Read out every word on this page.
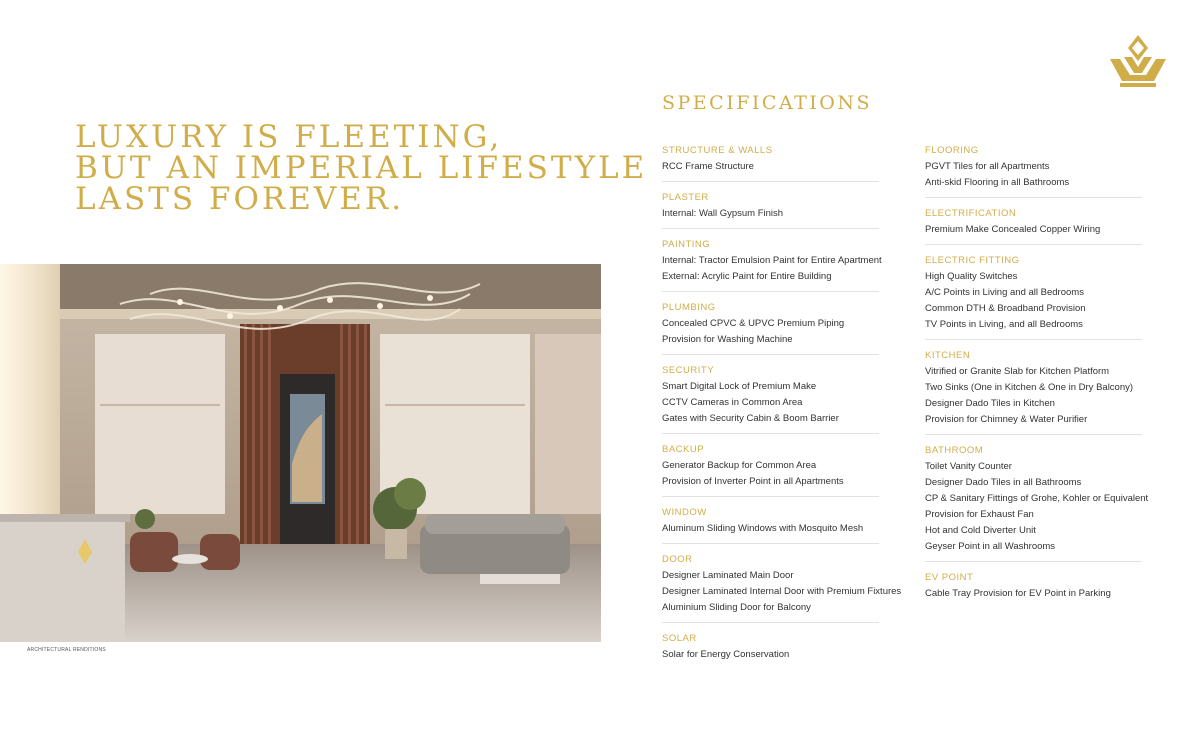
LUXURY IS FLEETING,
BUT AN IMPERIAL LIFESTYLE
LASTS FOREVER.

ARCHITECTURAL RENDITIONS

SPECIFICATIONS
STRUCTURE & WALLS
RCC Frame Structure
PLASTER
Internal: Wall Gypsum Finish
PAINTING
Internal: Tractor Emulsion Paint for Entire Apartment
External: Acrylic Paint for Entire Building
PLUMBING
Concealed CPVC & UPVC Premium Piping
Provision for Washing Machine
SECURITY
Smart Digital Lock of Premium Make
CCTV Cameras in Common Area
Gates with Security Cabin & Boom Barrier
BACKUP
Generator Backup for Common Area
Provision of Inverter Point in all Apartments
WINDOW
Aluminum Sliding Windows with Mosquito Mesh
DOOR
Designer Laminated Main Door
Designer Laminated Internal Door with Premium Fixtures
Aluminium Sliding Door for Balcony
SOLAR
Solar for Energy Conservation
FLOORING
PGVT Tiles for all Apartments
Anti-skid Flooring in all Bathrooms
ELECTRIFICATION
Premium Make Concealed Copper Wiring
ELECTRIC FITTING
High Quality Switches
A/C Points in Living and all Bedrooms
Common DTH & Broadband Provision
TV Points in Living, and all Bedrooms
KITCHEN
Vitrified or Granite Slab for Kitchen Platform
Two Sinks (One in Kitchen & One in Dry Balcony)
Designer Dado Tiles in Kitchen
Provision for Chimney & Water Purifier
BATHROOM
Toilet Vanity Counter
Designer Dado Tiles in all Bathrooms
CP & Sanitary Fittings of Grohe, Kohler or Equivalent
Provision for Exhaust Fan
Hot and Cold Diverter Unit
Geyser Point in all Washrooms
EV POINT
Cable Tray Provision for EV Point in Parking
